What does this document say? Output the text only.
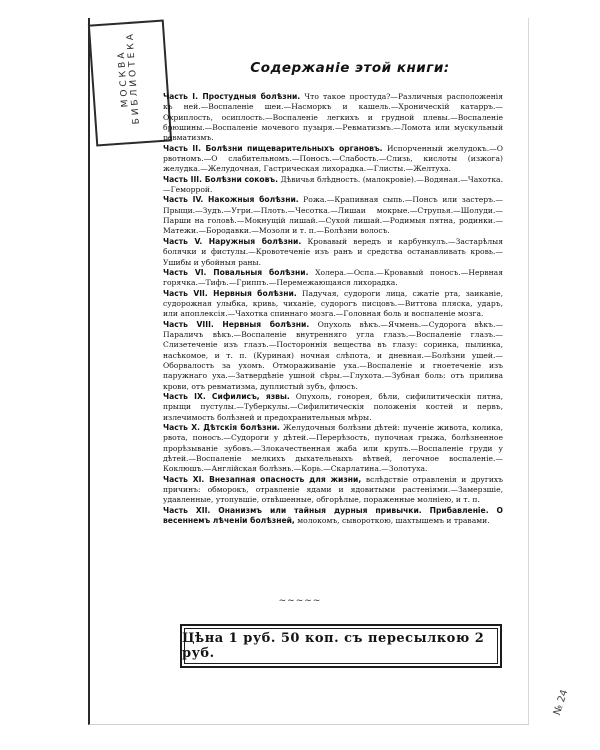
МОСКВА БИБЛИОТЕКА	Содержаніе этой книги:

Часть I. Простудныя болѣзни. Что такое простуда?—Различныя расположенія къ ней.—Воспаленіе шеи.—Насморкъ и кашель.—Хроническій катарръ.—Охриплость, осиплость.—Воспаленіе легкихъ и грудной плевы.—Воспаленіе брюшины.—Воспаленіе мочевого пузыря.—Ревматизмъ.—Ломота или мускульный ревматизмъ.

Часть II. Болѣзни пищеварительныхъ органовъ. Испорченный желудокъ.—О рвотномъ.—О слабительномъ.—Поносъ.—Слабость.—Слизь, кислоты (изжога) желудка.—Желудочная, Гастрическая лихорадка.—Глисты.—Желтуха.

Часть III. Болѣзни соковъ. Дѣвичья блѣдность. (малокровіе).—Водяная.—Чахотка.—Геморрой.

Часть IV. Накожныя болѣзни. Рожа.—Крапивная сыпь.—Понсъ или застеръ.—Прыщи.—Зудъ.—Угри.—Плоть.—Чесотка.—Лишаи мокрые.—Струпья.—Шолуди.—Парши на головѣ.—Мокнущій лишай.—Сухой лишай.—Родимыя пятна, родинки.—Матежи.—Бородавки.—Мозоли и т. п.—Болѣзни волосъ.

Часть V. Наружныя болѣзни. Кровавый вередъ и карбункулъ.—Застарѣлыя болячки и фистулы.—Кровотеченіе изъ ранъ и средства останавливать кровь.—Ушибы и убойныя раны.

Часть VI. Повальныя болѣзни. Холера.—Оспа.—Кровавый поносъ.—Нервная горячка.—Тифъ.—Гриппъ.—Перемежающаяся лихорадка.

Часть VII. Нервныя болѣзни. Падучая, судороги лица, сжатіе рта, заиканіе, судорожная улыбка, кривь, чиханіе, судорогъ писцовъ.—Виттова пляска, ударъ, или апоплексія.—Чахотка спиннаго мозга.—Головная боль и воспаленіе мозга.

Часть VIII. Нервныя болѣзни. Опухоль вѣкъ.—Ячмень.—Судорога вѣкъ.—Параличъ вѣкъ.—Воспаленіе внутренняго угла глазъ.—Воспаленіе глазъ.—Слизетеченіе изъ глазъ.—Постороннія вещества въ глазу: соринка, пылинка, насѣкомое, и т. п. (Куриная) ночная слѣпота, и дневная.—Болѣзни ушей.—Оборвалость за ухомъ. Отмораживаніе уха.—Воспаленіе и гноетеченіе изъ паружнаго уха.—Затвердѣніе ушной сѣры.—Глухота.—Зубная боль: отъ прилива крови, отъ ревматизма, дуплистый зубъ, флюсъ.

Часть IX. Сифилисъ, язвы. Опухоль, гонорея, бѣли, сифилитическія пятна, прыщи пустулы.—Туберкулы.—Сифилитическія положенія костей и первъ, излечимость болѣзней и предохранительныя мѣры.

Часть X. Дѣтскія болѣзни. Желудочныя болѣзни дѣтей: пученіе живота, колика, рвота, поносъ.—Судороги у дѣтей.—Перерѣзость, пупочная грыжа, болѣзненное прорѣзываніе зубовъ.—Злокачественная жаба или крупъ.—Воспаленіе груди у дѣтей.—Воспаленіе мелкихъ дыхательныхъ вѣтвей, легочное воспаленіе.—Коклюшъ.—Англійская болѣзнь.—Корь.—Скарлатина.—Золотуха.

Часть XI. Внезапная опасность для жизни, вслѣдствіе отравленія и другихъ причинъ: обморокъ, отравленіе ядами и ядовитыми растеніями.—Замерзшіе, удавленные, утопувшіе, отвѣшенные, обгорѣлые, пораженные молніею, и т. п.

Часть XII. Онанизмъ или тайныя дурныя привычки. Прибавленіе. О весеннемъ лѣченіи болѣзней, молокомъ, сывороткою, шахтышемъ и травами.

~~~~~
Цѣна 1 руб. 50 коп. съ пересылкою 2 руб.
№ 24
